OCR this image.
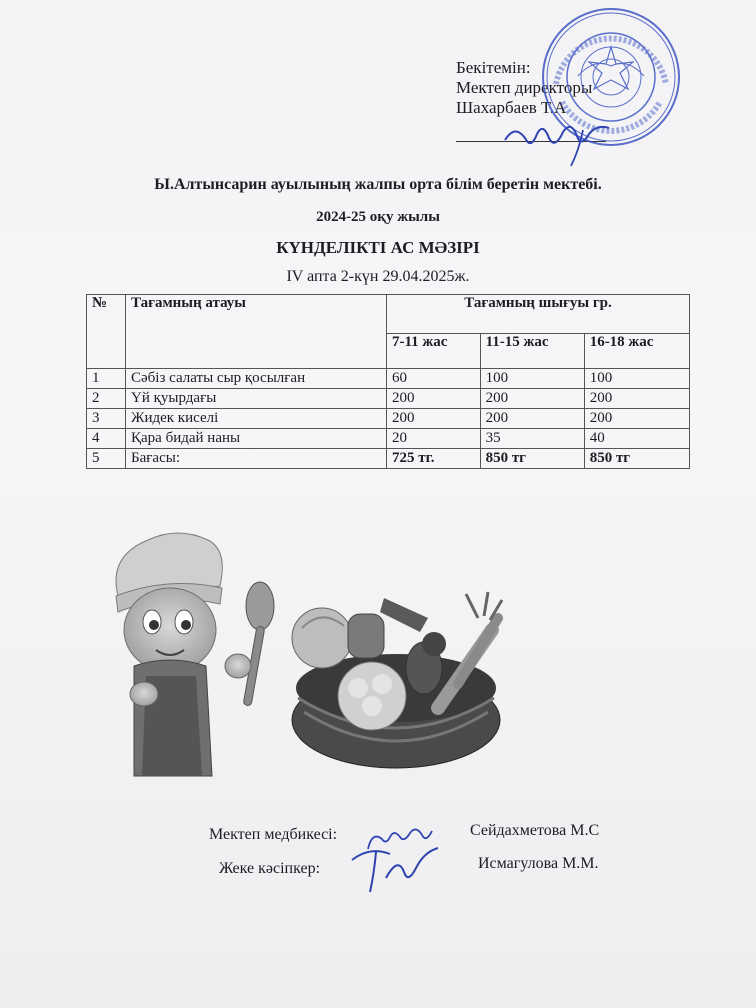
Бекітемін:
Мектеп директоры
Шахарбаев Т.А
Ы.Алтынсарин ауылының жалпы орта білім беретін мектебі.
2024-25 оқу жылы
КҮНДЕЛІКТІ АС МӘЗІРІ
IV апта 2-күн 29.04.2025ж.
№	Тағамның атауы	Тағамның шығуы гр.		
		7-11 жас	11-15 жас	16-18 жас
1	Сәбіз салаты сыр қосылған	60	100	100
2	Үй қуырдағы	200	200	200
3	Жидек киселі	200	200	200
4	Қара бидай наны	20	35	40
5	Бағасы:	725 тг.	850 тг	850 тг
Мектеп медбикесі:	Сейдахметова М.С
Жеке кәсіпкер:	Исмагулова М.М.
